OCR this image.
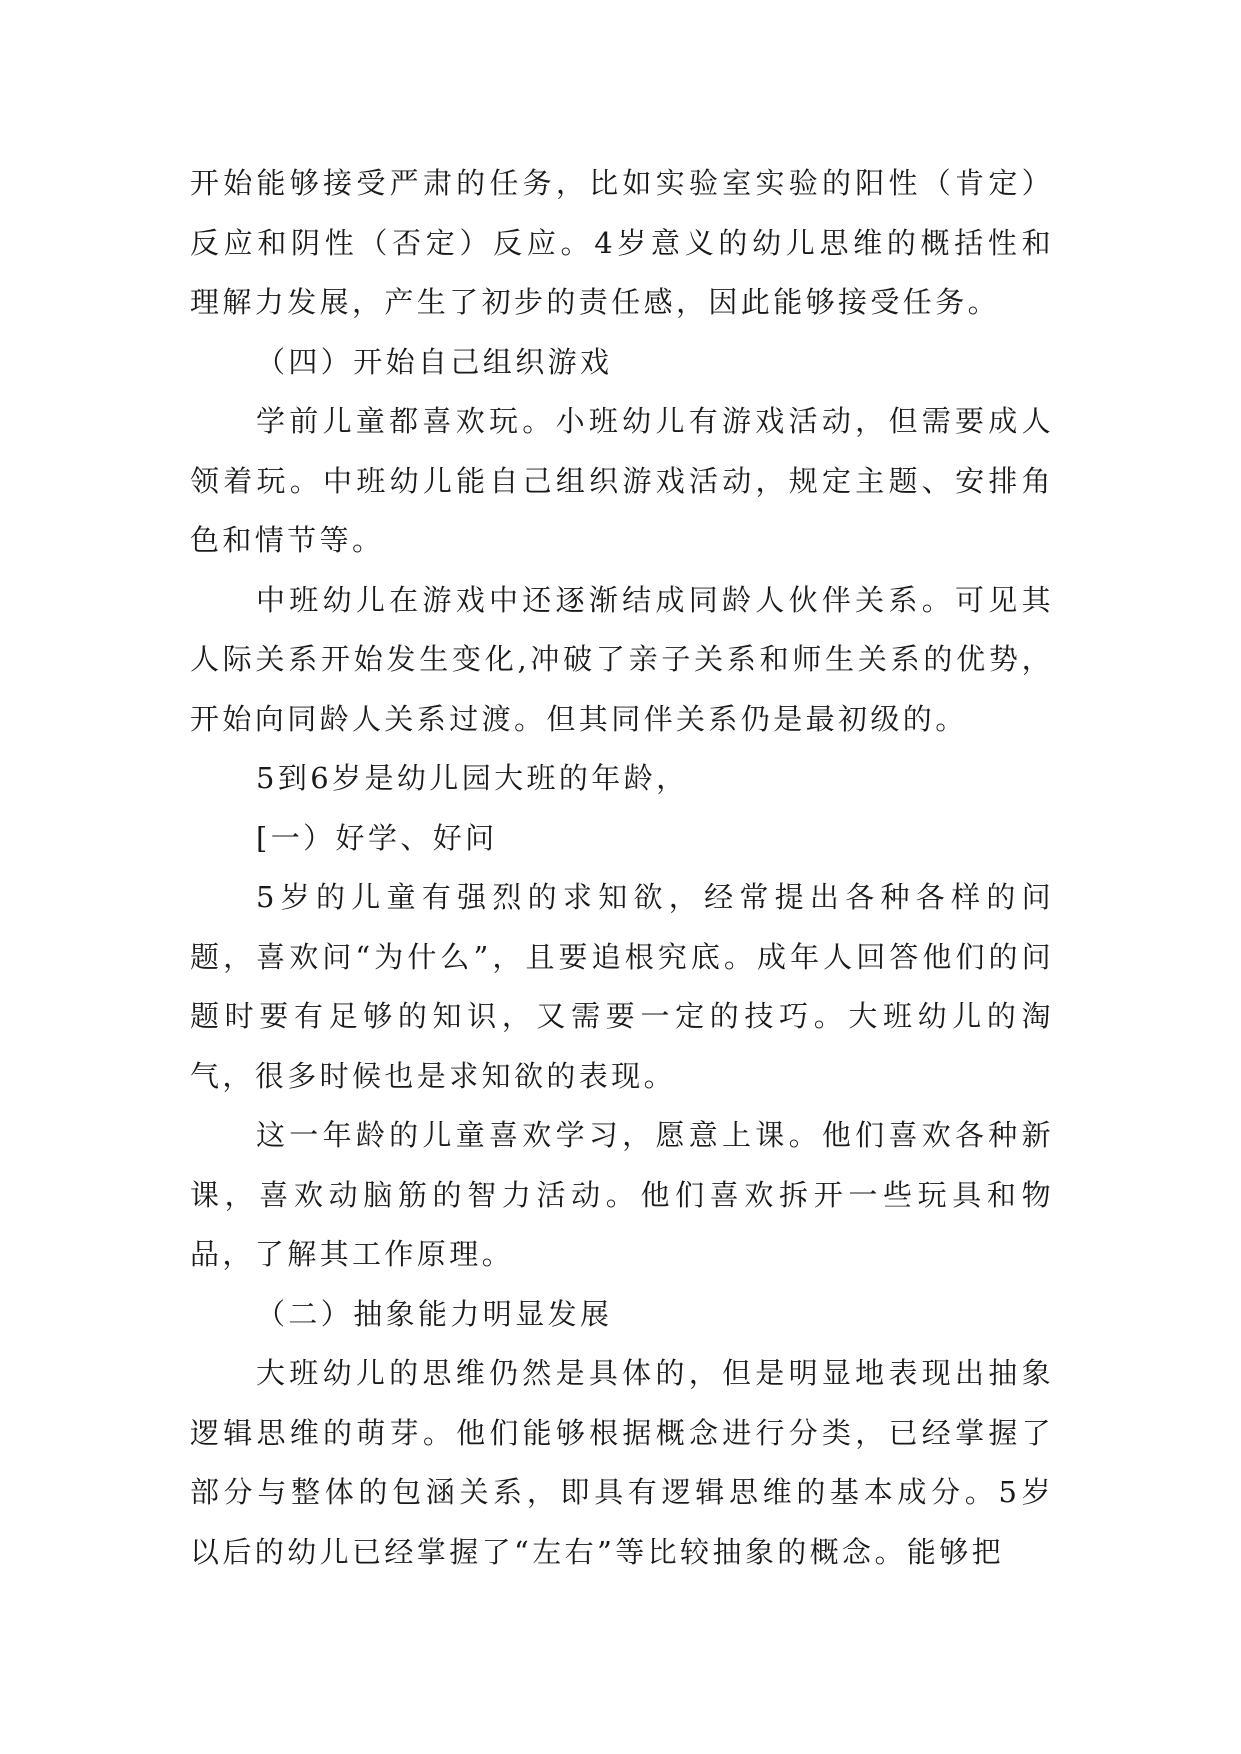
开始能够接受严肃的任务，比如实验室实验的阳性（肯定）反应和阴性（否定）反应。4岁意义的幼儿思维的概括性和理解力发展，产生了初步的责任感，因此能够接受任务。

（四）开始自己组织游戏

学前儿童都喜欢玩。小班幼儿有游戏活动，但需要成人领着玩。中班幼儿能自己组织游戏活动，规定主题、安排角色和情节等。

中班幼儿在游戏中还逐渐结成同龄人伙伴关系。可见其人际关系开始发生变化,冲破了亲子关系和师生关系的优势，开始向同龄人关系过渡。但其同伴关系仍是最初级的。

5到6岁是幼儿园大班的年龄，

[一）好学、好问

5岁的儿童有强烈的求知欲，经常提出各种各样的问题，喜欢问“为什么”，且要追根究底。成年人回答他们的问题时要有足够的知识，又需要一定的技巧。大班幼儿的淘气，很多时候也是求知欲的表现。

这一年龄的儿童喜欢学习，愿意上课。他们喜欢各种新课，喜欢动脑筋的智力活动。他们喜欢拆开一些玩具和物品，了解其工作原理。

（二）抽象能力明显发展

大班幼儿的思维仍然是具体的，但是明显地表现出抽象逻辑思维的萌芽。他们能够根据概念进行分类，已经掌握了部分与整体的包涵关系，即具有逻辑思维的基本成分。5岁以后的幼儿已经掌握了“左右”等比较抽象的概念。能够把
